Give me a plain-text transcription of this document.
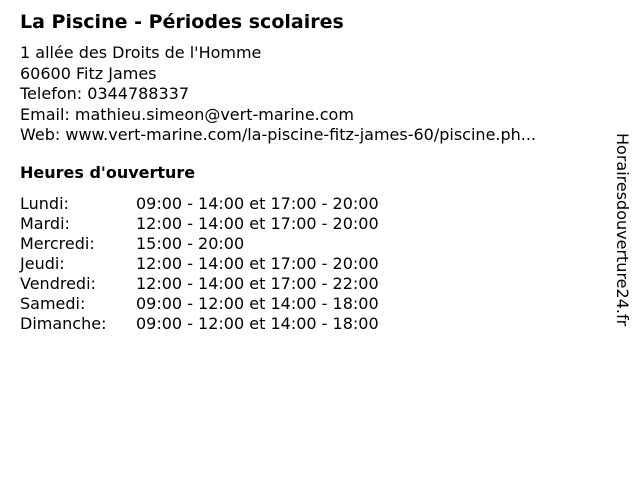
La Piscine - Périodes scolaires
1 allée des Droits de l'Homme
60600 Fitz James
Telefon: 0344788337
Email: mathieu.simeon@vert-marine.com
Web: www.vert-marine.com/la-piscine-fitz-james-60/piscine.ph...
Heures d'ouverture
Lundi:	09:00 - 14:00 et 17:00 - 20:00
Mardi:	12:00 - 14:00 et 17:00 - 20:00
Mercredi:	15:00 - 20:00
Jeudi:	12:00 - 14:00 et 17:00 - 20:00
Vendredi:	12:00 - 14:00 et 17:00 - 22:00
Samedi:	09:00 - 12:00 et 14:00 - 18:00
Dimanche:	09:00 - 12:00 et 14:00 - 18:00	Horairesdouverture24.fr
